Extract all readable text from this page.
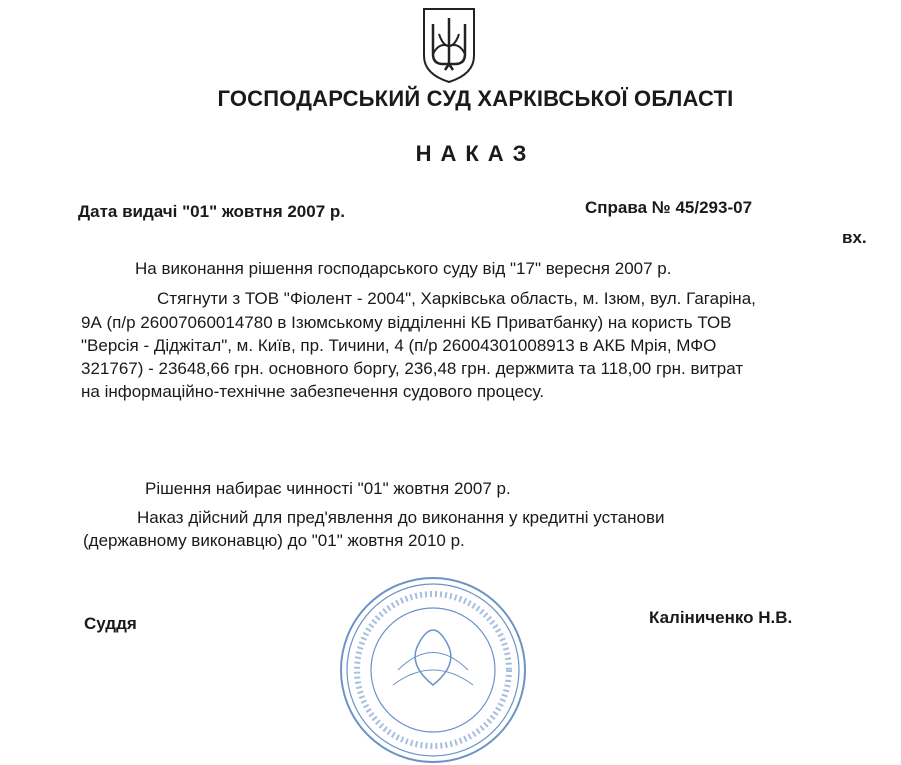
ГОСПОДАРСЬКИЙ СУД ХАРКІВСЬКОЇ ОБЛАСТІ
НАКАЗ
Дата видачі "01" жовтня 2007 р.	Справа № 45/293-07
вх.
На виконання рішення господарського суду від "17" вересня 2007 р.
Стягнути з ТОВ "Фіолент - 2004", Харківська область, м. Ізюм, вул. Гагаріна,
9А (п/р 26007060014780 в Ізюмському відділенні КБ Приватбанку) на користь ТОВ
"Версія - Діджітал", м. Київ, пр. Тичини, 4 (п/р 26004301008913 в АКБ Мрія, МФО
321767) - 23648,66 грн. основного боргу, 236,48 грн. держмита та 118,00 грн. витрат
на інформаційно-технічне забезпечення судового процесу.
Рішення набирає чинності "01" жовтня 2007 р.
Наказ дійсний для пред'явлення до виконання у кредитні установи
(державному виконавцю) до "01" жовтня 2010 р.
Суддя	Каліниченко Н.В.
